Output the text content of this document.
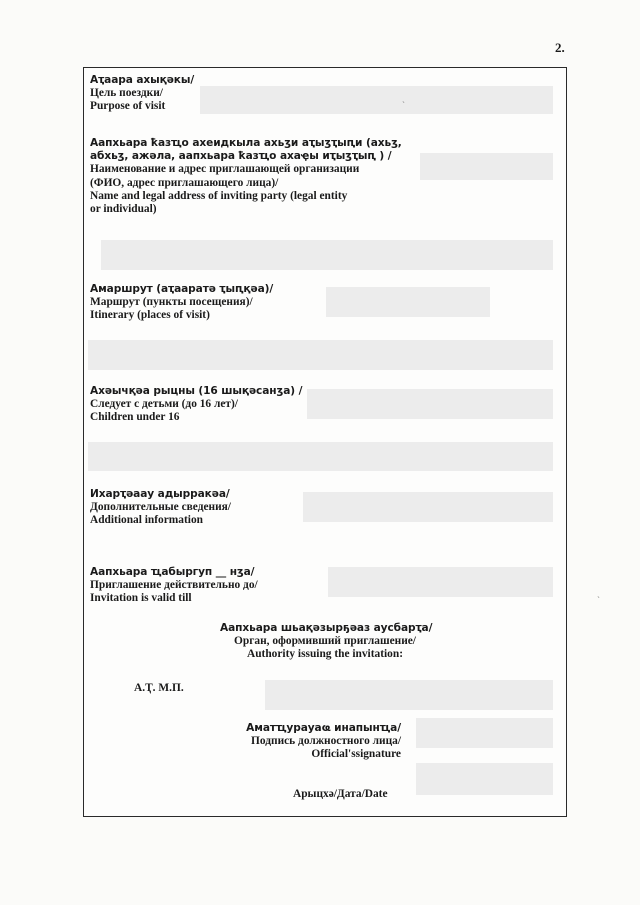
2.
Аҭаара ахықәкы/
Цель поездки/
Purpose of visit
Аапхьара ҟазҵо ахеидкыла ахьӡи аҭыӡҭыԥи (ахьӡ,
абхьӡ, ажәла, аапхьара ҟазҵо ахаҿы иҭыӡҭыԥ ) /
Наименование и адрес приглашающей организации
(ФИО, адрес приглашающего лица)/
Name and legal address of inviting party (legal entity
or individual)
Амаршрут (аҭааратә ҭыԥқәа)/
Маршрут (пункты посещения)/
Itinerary (places of visit)
Ахәычқәа рыцны (16 шықәсанӡа) /
Следует с детьми (до 16 лет)/
Children under 16
Ихарҭәаау адырракәа/
Дополнительные сведения/
Additional information
Аапхьара ҵабыргуп __ нӡа/
Приглашение действительно до/
Invitation is valid till
Аапхьара шьақәзырҕәаз аусбарҭа/
Орган, оформивший приглашение/
Authority issuing the invitation:
А.Ҭ. М.П.
Аматҵурауаҩ инапынҵа/
Подпись должностного лица/
Official'ssignature
Арыцхә/Дата/Date
ˋ
ˋ
